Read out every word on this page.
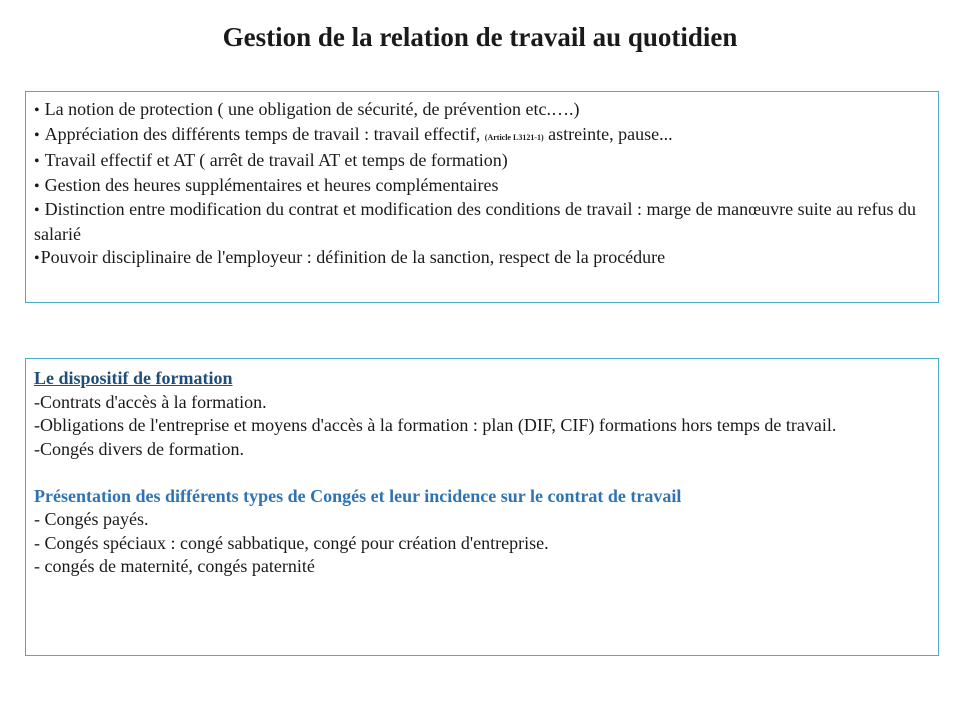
Gestion de la relation de travail au quotidien
• La notion de protection ( une obligation de sécurité, de prévention etc.….)
• Appréciation des différents temps de travail : travail effectif, (Article L3121-1) astreinte, pause...
• Travail effectif et AT ( arrêt de travail AT et temps de formation)
• Gestion des heures supplémentaires et heures complémentaires
• Distinction entre modification du contrat et modification des conditions de travail : marge de manœuvre suite au refus du salarié
•Pouvoir disciplinaire de l'employeur : définition de la sanction, respect de la procédure
Le dispositif de formation
-Contrats d'accès à la formation.
-Obligations de l'entreprise et moyens d'accès à la formation : plan (DIF, CIF) formations hors temps de travail.
-Congés divers de formation.
Présentation des différents types de Congés et leur incidence sur le contrat de travail
- Congés payés.
- Congés spéciaux : congé sabbatique, congé pour création d'entreprise.
- congés de maternité, congés paternité
